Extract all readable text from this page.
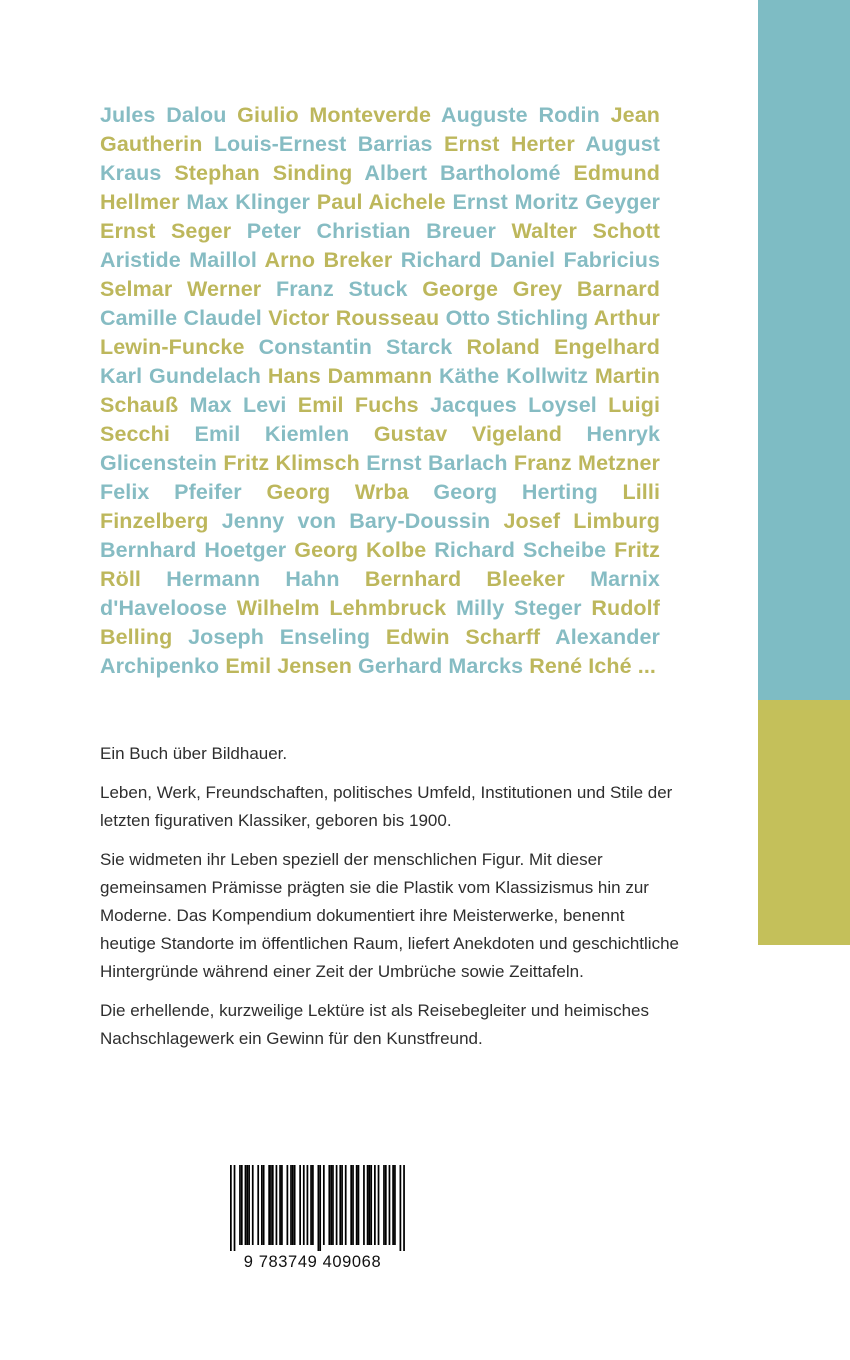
Jules Dalou Giulio Monteverde Auguste Rodin Jean Gautherin Louis-Ernest Barrias Ernst Herter August Kraus Stephan Sinding Albert Bartholomé Edmund Hellmer Max Klinger Paul Aichele Ernst Moritz Geyger Ernst Seger Peter Christian Breuer Walter Schott Aristide Maillol Arno Breker Richard Daniel Fabricius Selmar Werner Franz Stuck George Grey Barnard Camille Claudel Victor Rousseau Otto Stichling Arthur Lewin-Funcke Constantin Starck Roland Engelhard Karl Gundelach Hans Dammann Käthe Kollwitz Martin Schauß Max Levi Emil Fuchs Jacques Loysel Luigi Secchi Emil Kiemlen Gustav Vigeland Henryk Glicenstein Fritz Klimsch Ernst Barlach Franz Metzner Felix Pfeifer Georg Wrba Georg Herting Lilli Finzelberg Jenny von Bary-Doussin Josef Limburg Bernhard Hoetger Georg Kolbe Richard Scheibe Fritz Röll Hermann Hahn Bernhard Bleeker Marnix d'Haveloose Wilhelm Lehmbruck Milly Steger Rudolf Belling Joseph Enseling Edwin Scharff Alexander Archipenko Emil Jensen Gerhard Marcks René Iché ...

Ein Buch über Bildhauer.

Leben, Werk, Freundschaften, politisches Umfeld, Institutionen und Stile der letzten figurativen Klassiker, geboren bis 1900.

Sie widmeten ihr Leben speziell der menschlichen Figur. Mit dieser gemeinsamen Prämisse prägten sie die Plastik vom Klassizismus hin zur Moderne. Das Kompendium dokumentiert ihre Meisterwerke, benennt heutige Standorte im öffentlichen Raum, liefert Anekdoten und geschichtliche Hintergründe während einer Zeit der Umbrüche sowie Zeittafeln.

Die erhellende, kurzweilige Lektüre ist als Reisebegleiter und heimisches Nachschlagewerk ein Gewinn für den Kunstfreund.

9 783749 409068
